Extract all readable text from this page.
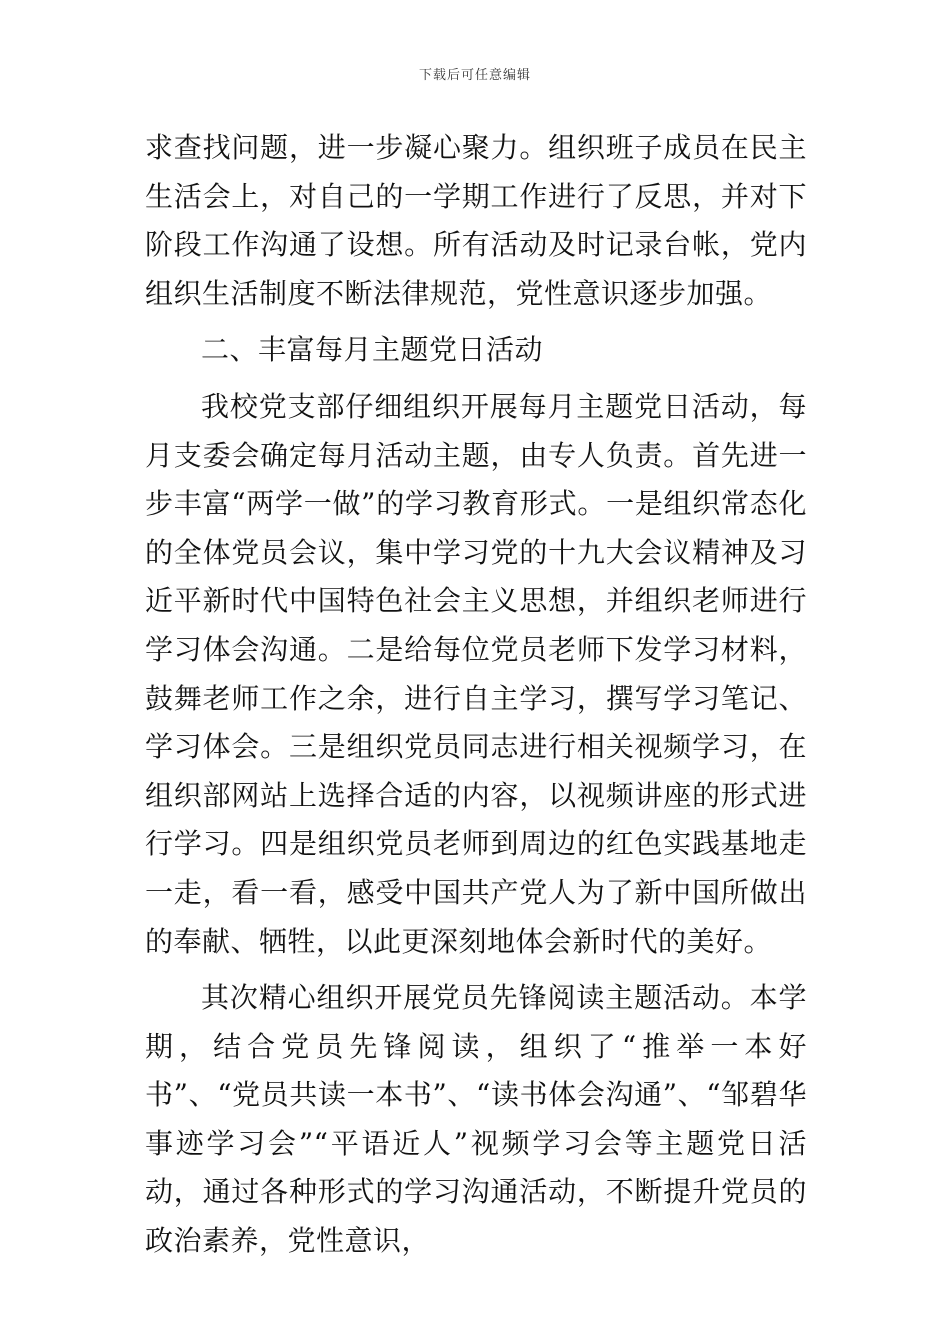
下载后可任意编辑

求查找问题，进一步凝心聚力。组织班子成员在民主生活会上，对自己的一学期工作进行了反思，并对下阶段工作沟通了设想。所有活动及时记录台帐，党内组织生活制度不断法律规范，党性意识逐步加强。

二、丰富每月主题党日活动

我校党支部仔细组织开展每月主题党日活动，每月支委会确定每月活动主题，由专人负责。首先进一步丰富“两学一做”的学习教育形式。一是组织常态化的全体党员会议，集中学习党的十九大会议精神及习近平新时代中国特色社会主义思想，并组织老师进行学习体会沟通。二是给每位党员老师下发学习材料，鼓舞老师工作之余，进行自主学习，撰写学习笔记、学习体会。三是组织党员同志进行相关视频学习，在组织部网站上选择合适的内容，以视频讲座的形式进行学习。四是组织党员老师到周边的红色实践基地走一走，看一看，感受中国共产党人为了新中国所做出的奉献、牺牲，以此更深刻地体会新时代的美好。

其次精心组织开展党员先锋阅读主题活动。本学期，结合党员先锋阅读，组织了“推举一本好书”、“党员共读一本书”、“读书体会沟通”、“邹碧华事迹学习会”“平语近人”视频学习会等主题党日活动，通过各种形式的学习沟通活动，不断提升党员的政治素养，党性意识，
